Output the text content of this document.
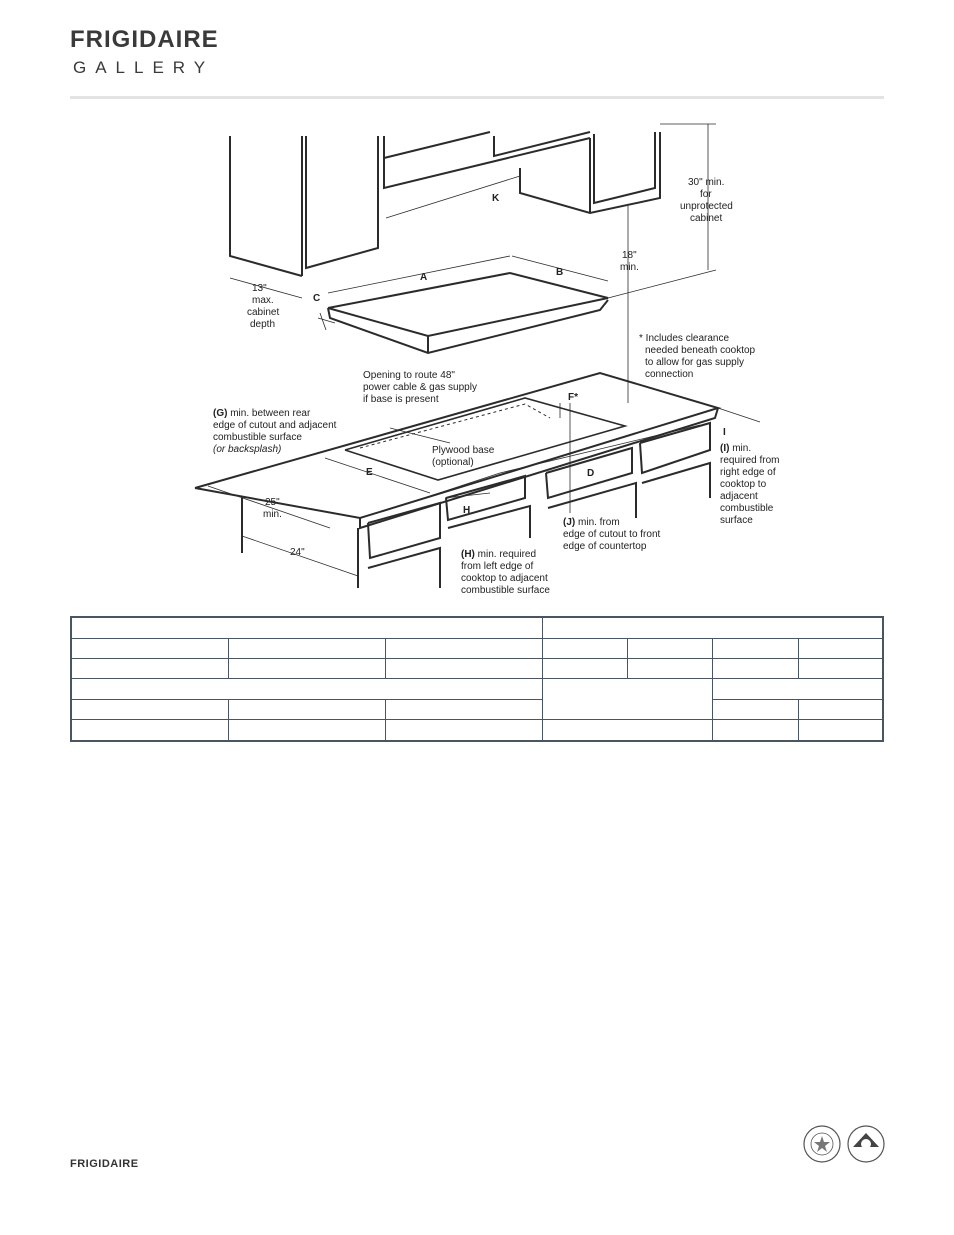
FRIGIDAIRE
GALLERY
K
A	B
C
D
E
F*
H
I
13"
max.
cabinet
depth
30" min.
for
unprotected
cabinet
18"
min.
* Includes clearance
needed beneath cooktop
to allow for gas supply
connection
Opening to route 48"
power cable & gas supply
if base is present
(G) min. between rear
edge of cutout and adjacent
combustible surface
(or backsplash)	Plywood base
(optional)
(I) min.
required from
right edge of
cooktop to
adjacent
combustible
surface
25"
min.
24"
(J) min. from
edge of cutout to front
edge of countertop
(H) min. required
from left edge of
cooktop to adjacent
combustible surface

FRIGIDAIRE
